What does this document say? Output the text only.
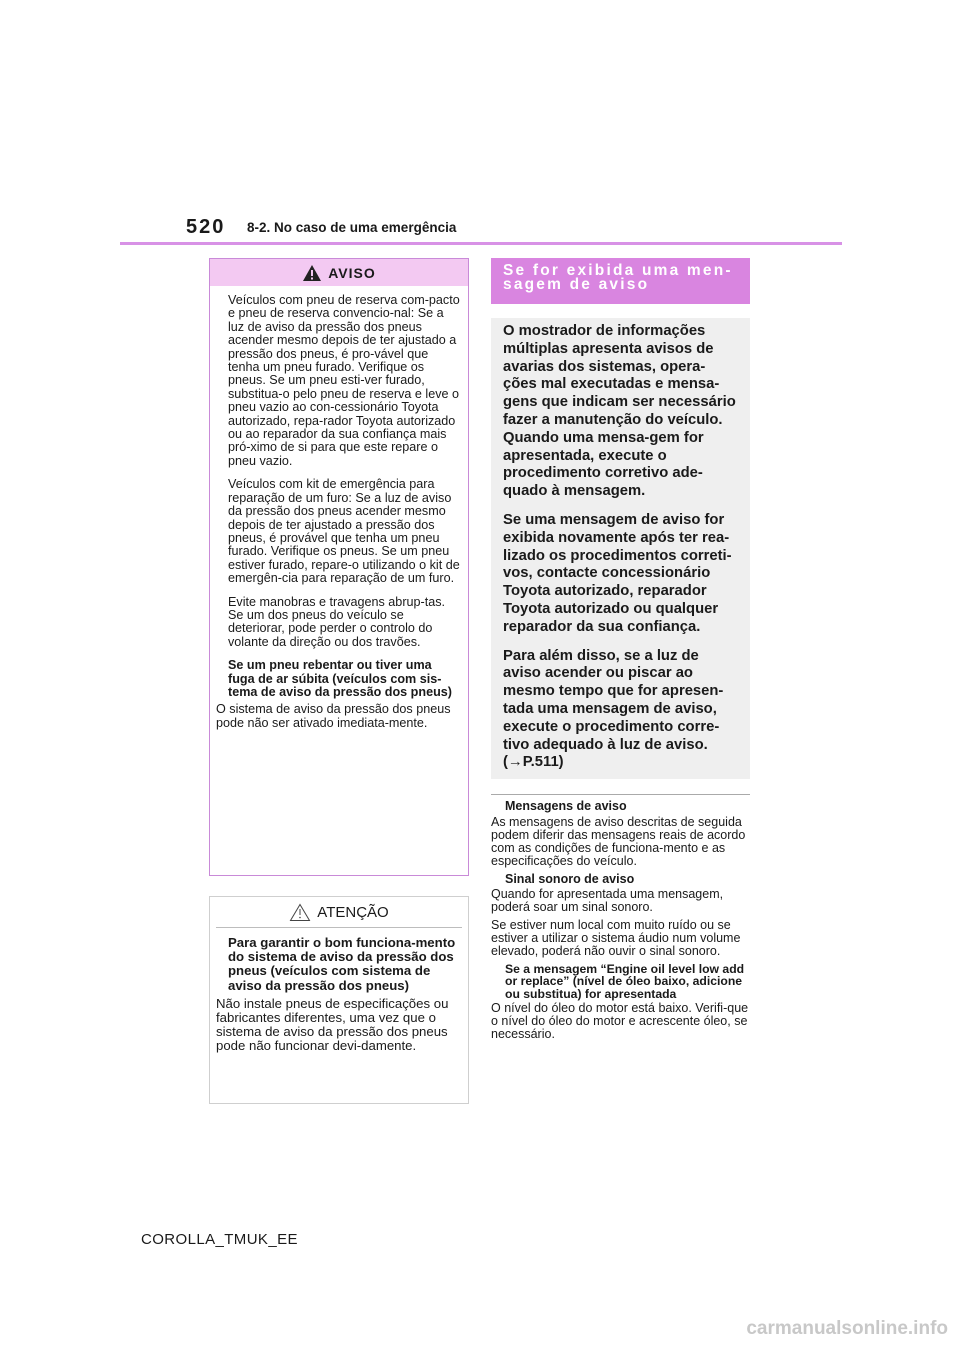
520 8-2. No caso de uma emergência
AVISO

Veículos com pneu de reserva com-pacto e pneu de reserva convencio-nal: Se a luz de aviso da pressão dos pneus acender mesmo depois de ter ajustado a pressão dos pneus, é pro-vável que tenha um pneu furado. Verifique os pneus. Se um pneu esti-ver furado, substitua-o pelo pneu de reserva e leve o pneu vazio ao con-cessionário Toyota autorizado, repa-rador Toyota autorizado ou ao reparador da sua confiança mais pró-ximo de si para que este repare o pneu vazio.

Veículos com kit de emergência para reparação de um furo: Se a luz de aviso da pressão dos pneus acender mesmo depois de ter ajustado a pressão dos pneus, é provável que tenha um pneu furado. Verifique os pneus. Se um pneu estiver furado, repare-o utilizando o kit de emergên-cia para reparação de um furo.

Evite manobras e travagens abrup-tas. Se um dos pneus do veículo se deteriorar, pode perder o controlo do volante da direção ou dos travões.

Se um pneu rebentar ou tiver uma fuga de ar súbita (veículos com sis-tema de aviso da pressão dos pneus)

O sistema de aviso da pressão dos pneus pode não ser ativado imediata-mente.

ATENÇÃO

Para garantir o bom funciona-mento do sistema de aviso da pressão dos pneus (veículos com sistema de aviso da pressão dos pneus)

Não instale pneus de especificações ou fabricantes diferentes, uma vez que o sistema de aviso da pressão dos pneus pode não funcionar devi-damente.

Se for exibida uma men-sagem de aviso

O mostrador de informações múltiplas apresenta avisos de avarias dos sistemas, opera-ções mal executadas e mensa-gens que indicam ser necessário fazer a manutenção do veículo. Quando uma mensa-gem for apresentada, execute o procedimento corretivo ade-quado à mensagem.

Se uma mensagem de aviso for exibida novamente após ter rea-lizado os procedimentos correti-vos, contacte concessionário Toyota autorizado, reparador Toyota autorizado ou qualquer reparador da sua confiança.

Para além disso, se a luz de aviso acender ou piscar ao mesmo tempo que for apresen-tada uma mensagem de aviso, execute o procedimento corre-tivo adequado à luz de aviso. (→P.511)

Mensagens de aviso

As mensagens de aviso descritas de seguida podem diferir das mensagens reais de acordo com as condições de funciona-mento e as especificações do veículo.

Sinal sonoro de aviso

Quando for apresentada uma mensagem, poderá soar um sinal sonoro.

Se estiver num local com muito ruído ou se estiver a utilizar o sistema áudio num volume elevado, poderá não ouvir o sinal sonoro.

Se a mensagem “Engine oil level low add or replace” (nível de óleo baixo, adicione ou substitua) for apresentada

O nível do óleo do motor está baixo. Verifi-que o nível do óleo do motor e acrescente óleo, se necessário.

COROLLA_TMUK_EE
carmanualsonline.info
